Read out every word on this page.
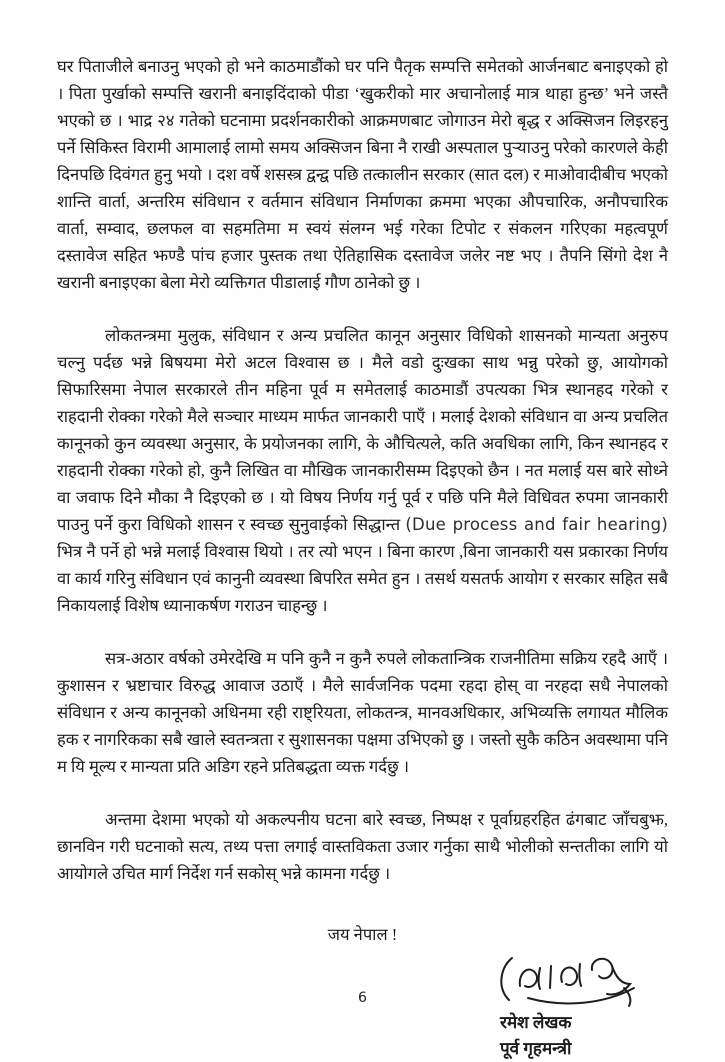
घर पिताजीले बनाउनु भएको हो भने काठमाडौंको घर पनि पैतृक सम्पत्ति समेतको आर्जनबाट बनाइएको हो । पिता पुर्खाको सम्पत्ति खरानी बनाइदिंदाको पीडा ‘खुकरीको मार अचानोलाई मात्र थाहा हुन्छ’ भने जस्तै भएको छ । भाद्र २४ गतेको घटनामा प्रदर्शनकारीको आक्रमणबाट जोगाउन मेरो बृद्ध र अक्सिजन लिइरहनु पर्ने सिकिस्त विरामी आमालाई लामो समय अक्सिजन बिना नै राखी अस्पताल पुऱ्याउनु परेको कारणले केही दिनपछि दिवंगत हुनु भयो । दश वर्षे शसस्त्र द्वन्द्व पछि तत्कालीन सरकार (सात दल) र माओवादीबीच भएको शान्ति वार्ता, अन्तरिम संविधान र वर्तमान संविधान निर्माणका क्रममा भएका औपचारिक, अनौपचारिक वार्ता, सम्वाद, छलफल वा सहमतिमा म स्वयं संलग्न भई गरेका टिपोट र संकलन गरिएका महत्वपूर्ण दस्तावेज सहित झण्डै पांच हजार पुस्तक तथा ऐतिहासिक दस्तावेज जलेर नष्ट भए । तैपनि सिंगो देश नै खरानी बनाइएका बेला मेरो व्यक्तिगत पीडालाई गौण ठानेको छु ।

लोकतन्त्रमा मुलुक, संविधान र अन्य प्रचलित कानून अनुसार विधिको शासनको मान्यता अनुरुप चल्नु पर्दछ भन्ने बिषयमा मेरो अटल विश्वास छ । मैले वडो दुःखका साथ भन्नु परेको छु, आयोगको सिफारिसमा नेपाल सरकारले तीन महिना पूर्व म समेतलाई काठमाडौं उपत्यका भित्र स्थानहद गरेको र राहदानी रोक्का गरेको मैले सञ्चार माध्यम मार्फत जानकारी पाएँ । मलाई देशको संविधान वा अन्य प्रचलित कानूनको कुन व्यवस्था अनुसार, के प्रयोजनका लागि, के औचित्यले, कति अवधिका लागि, किन स्थानहद र राहदानी रोक्का गरेको हो, कुनै लिखित वा मौखिक जानकारीसम्म दिइएको छैन । नत मलाई यस बारे सोध्ने वा जवाफ दिने मौका नै दिइएको छ । यो विषय निर्णय गर्नु पूर्व र पछि पनि मैले विधिवत रुपमा जानकारी पाउनु पर्ने कुरा विधिको शासन र स्वच्छ सुनुवाईको सिद्धान्त (Due process and fair hearing) भित्र नै पर्ने हो भन्ने मलाई विश्वास थियो । तर त्यो भएन । बिना कारण ,बिना जानकारी यस प्रकारका निर्णय वा कार्य गरिनु संविधान एवं कानुनी व्यवस्था बिपरित समेत हुन । तसर्थ यसतर्फ आयोग र सरकार सहित सबै निकायलाई विशेष ध्यानाकर्षण गराउन चाहन्छु ।

सत्र-अठार वर्षको उमेरदेखि म पनि कुनै न कुनै रुपले लोकतान्त्रिक राजनीतिमा सक्रिय रहदै आएँ । कुशासन र भ्रष्टाचार विरुद्ध आवाज उठाएँ । मैले सार्वजनिक पदमा रहदा होस् वा नरहदा सधै नेपालको संविधान र अन्य कानूनको अधिनमा रही राष्ट्रियता, लोकतन्त्र, मानवअधिकार, अभिव्यक्ति लगायत मौलिक हक र नागरिकका सबै खाले स्वतन्त्रता र सुशासनका पक्षमा उभिएको छु । जस्तो सुकै कठिन अवस्थामा पनि म यि मूल्य र मान्यता प्रति अडिग रहने प्रतिबद्धता व्यक्त गर्दछु ।

अन्तमा देशमा भएको यो अकल्पनीय घटना बारे स्वच्छ, निष्पक्ष र पूर्वाग्रहरहित ढंगबाट जाँचबुझ, छानविन गरी घटनाको सत्य, तथ्य पत्ता लगाई वास्तविकता उजार गर्नुका साथै भोलीको सन्ततीका लागि यो आयोगले उचित मार्ग निर्देश गर्न सकोस् भन्ने कामना गर्दछु ।

जय नेपाल !

रमेश लेखक
पूर्व गृहमन्त्री
6
